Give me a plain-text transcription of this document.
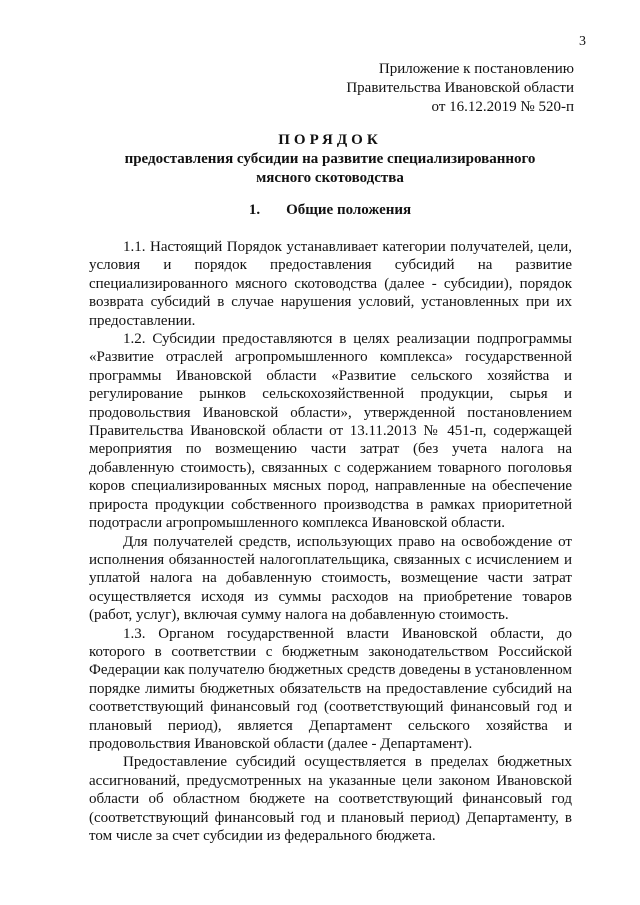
3
Приложение к постановлению
Правительства Ивановской области
от 16.12.2019 № 520-п
ПОРЯДОК
предоставления субсидии на развитие специализированного
мясного скотоводства
1. Общие положения

1.1. Настоящий Порядок устанавливает категории получателей, цели, условия и порядок предоставления субсидий на развитие специализированного мясного скотоводства (далее - субсидии), порядок возврата субсидий в случае нарушения условий, установленных при их предоставлении.

1.2. Субсидии предоставляются в целях реализации подпрограммы «Развитие отраслей агропромышленного комплекса» государственной программы Ивановской области «Развитие сельского хозяйства и регулирование рынков сельскохозяйственной продукции, сырья и продовольствия Ивановской области», утвержденной постановлением Правительства Ивановской области от 13.11.2013 № 451-п, содержащей мероприятия по возмещению части затрат (без учета налога на добавленную стоимость), связанных с содержанием товарного поголовья коров специализированных мясных пород, направленные на обеспечение прироста продукции собственного производства в рамках приоритетной подотрасли агропромышленного комплекса Ивановской области.

Для получателей средств, использующих право на освобождение от исполнения обязанностей налогоплательщика, связанных с исчислением и уплатой налога на добавленную стоимость, возмещение части затрат осуществляется исходя из суммы расходов на приобретение товаров (работ, услуг), включая сумму налога на добавленную стоимость.

1.3. Органом государственной власти Ивановской области, до которого в соответствии с бюджетным законодательством Российской Федерации как получателю бюджетных средств доведены в установленном порядке лимиты бюджетных обязательств на предоставление субсидий на соответствующий финансовый год (соответствующий финансовый год и плановый период), является Департамент сельского хозяйства и продовольствия Ивановской области (далее - Департамент).

Предоставление субсидий осуществляется в пределах бюджетных ассигнований, предусмотренных на указанные цели законом Ивановской области об областном бюджете на соответствующий финансовый год (соответствующий финансовый год и плановый период) Департаменту, в том числе за счет субсидии из федерального бюджета.
